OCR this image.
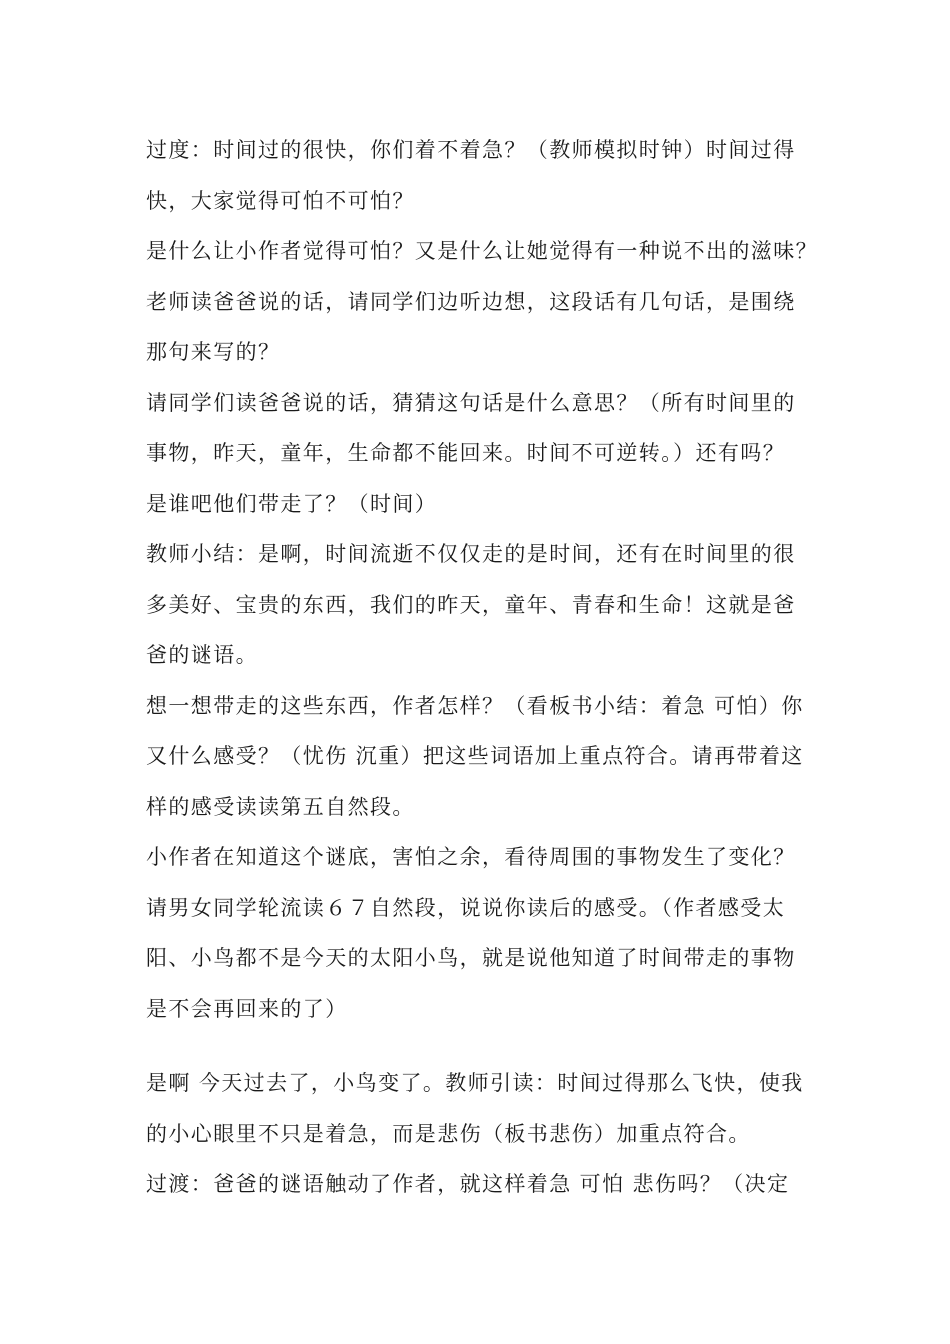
过度：时间过的很快，你们着不着急？（教师模拟时钟）时间过得
快，大家觉得可怕不可怕？
是什么让小作者觉得可怕？又是什么让她觉得有一种说不出的滋味？
老师读爸爸说的话，请同学们边听边想，这段话有几句话，是围绕
那句来写的？
请同学们读爸爸说的话，猜猜这句话是什么意思？（所有时间里的
事物，昨天，童年，生命都不能回来。时间不可逆转。）还有吗？
是谁吧他们带走了？（时间）
教师小结：是啊，时间流逝不仅仅走的是时间，还有在时间里的很
多美好、宝贵的东西，我们的昨天，童年、青春和生命！这就是爸
爸的谜语。
想一想带走的这些东西，作者怎样？（看板书小结：着急 可怕）你
又什么感受？（忧伤 沉重）把这些词语加上重点符合。请再带着这
样的感受读读第五自然段。
小作者在知道这个谜底，害怕之余，看待周围的事物发生了变化？
请男女同学轮流读６７自然段，说说你读后的感受。（作者感受太
阳、小鸟都不是今天的太阳小鸟，就是说他知道了时间带走的事物
是不会再回来的了）
是啊 今天过去了，小鸟变了。教师引读：时间过得那么飞快，使我
的小心眼里不只是着急，而是悲伤（板书悲伤）加重点符合。
过渡：爸爸的谜语触动了作者，就这样着急 可怕 悲伤吗？（决定
